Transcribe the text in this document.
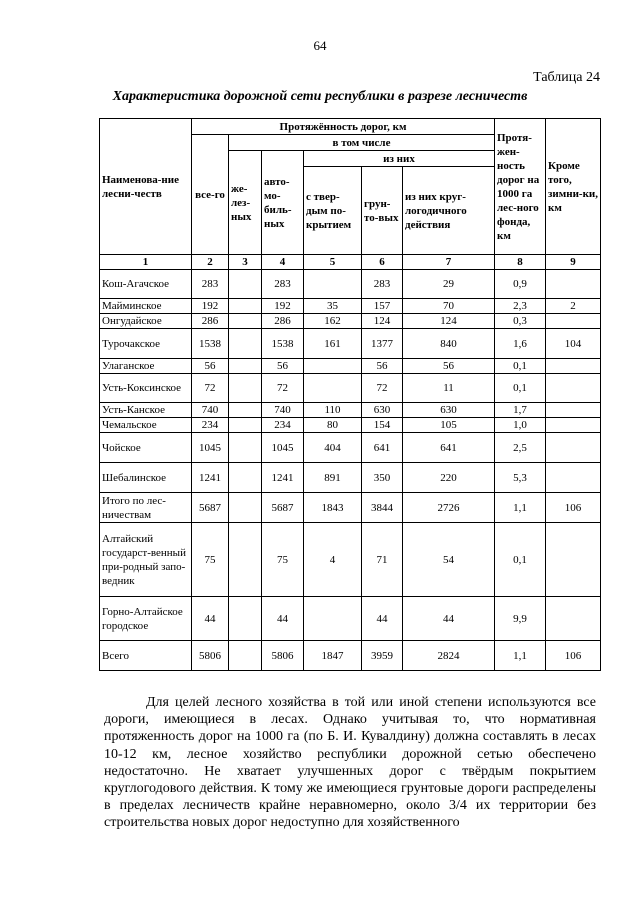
64
Таблица 24
Характеристика дорожной сети республики в разрезе лесничеств
Наименова-ние лесни-честв	Протяжённость дорог, км						Протя-жен-ность дорог на 1000 га лес-ного фонда, км	Кроме того, зимни-ки, км
	все-го	в том числе						
		же-лез-ных	авто-мо-биль-ных	из них				
				с твер-дым по-крытием	грун-то-вых	из них круг-логодичного действия		
1	2	3	4	5	6	7	8	9
Кош-Агачское	283		283		283	29	0,9	
Майминское	192		192	35	157	70	2,3	2
Онгудайское	286		286	162	124	124	0,3	
Турочакское	1538		1538	161	1377	840	1,6	104
Улаганское	56		56		56	56	0,1	
Усть-Коксинское	72		72		72	11	0,1	
Усть-Канское	740		740	110	630	630	1,7	
Чемальское	234		234	80	154	105	1,0	
Чойское	1045		1045	404	641	641	2,5	
Шебалинское	1241		1241	891	350	220	5,3	
Итого по лес-ничествам	5687		5687	1843	3844	2726	1,1	106
Алтайский государст-венный при-родный запо-ведник	75		75	4	71	54	0,1	
Горно-Алтайское городское	44		44		44	44	9,9	
Всего	5806		5806	1847	3959	2824	1,1	106

Для целей лесного хозяйства в той или иной степени используются все дороги, имеющиеся в лесах. Однако учитывая то, что нормативная протяженность дорог на 1000 га (по Б. И. Кувалдину) должна составлять в лесах 10-12 км, лесное хозяйство республики дорожной сетью обеспечено недостаточно. Не хватает улучшенных дорог с твёрдым покрытием круглогодового действия. К тому же имеющиеся грунтовые дороги распределены в пределах лесничеств крайне неравномерно, около 3/4 их территории без строительства новых дорог недоступно для хозяйственного
